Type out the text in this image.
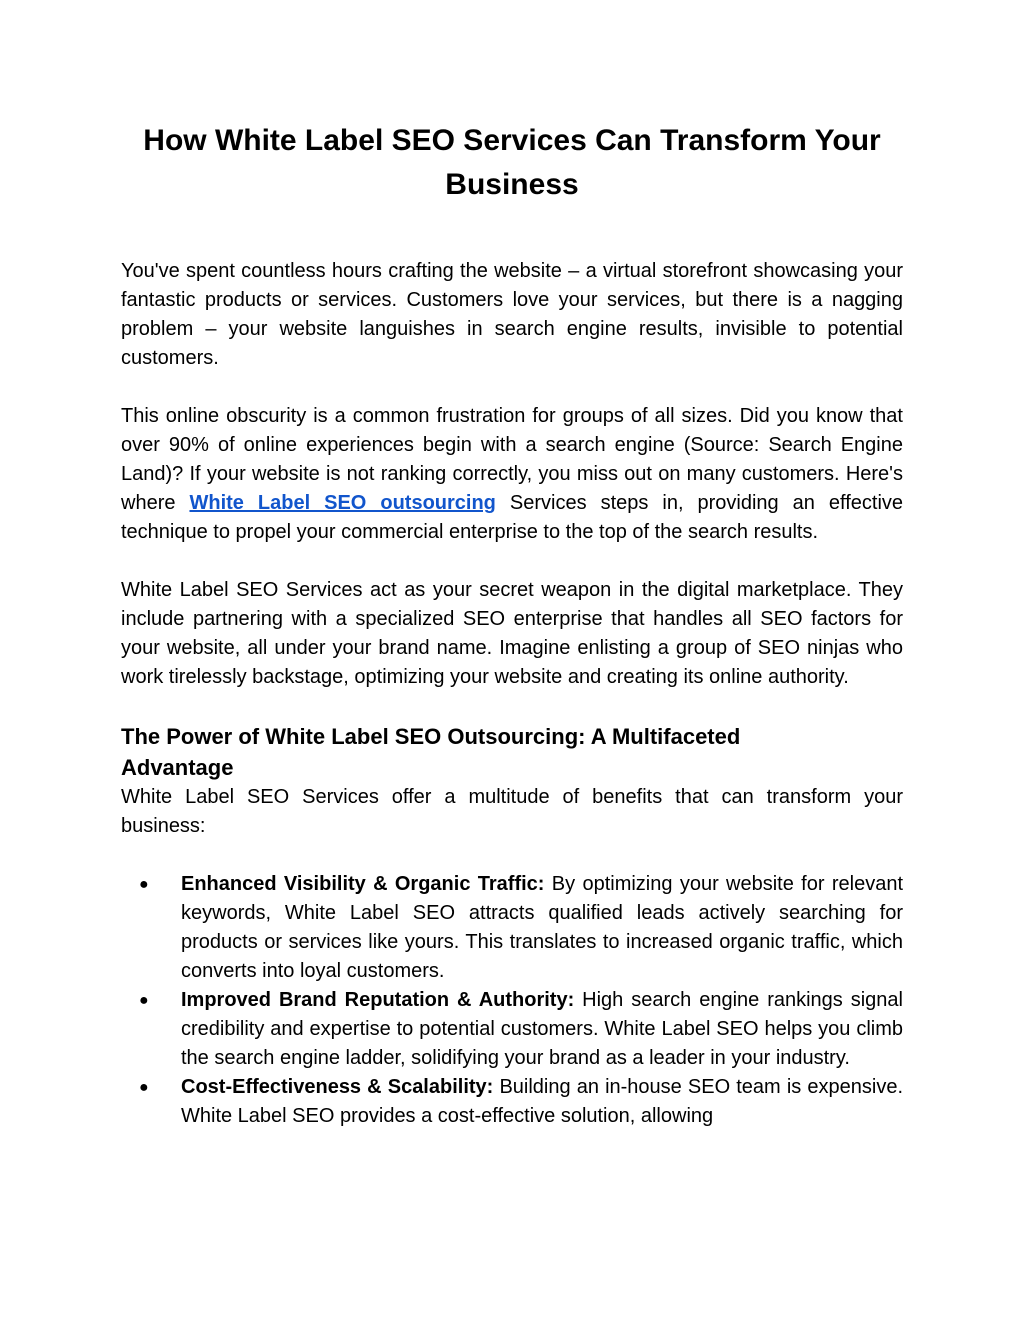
How White Label SEO Services Can Transform Your Business

You've spent countless hours crafting the website – a virtual storefront showcasing your fantastic products or services. Customers love your services, but there is a nagging problem – your website languishes in search engine results, invisible to potential customers.

This online obscurity is a common frustration for groups of all sizes. Did you know that over 90% of online experiences begin with a search engine (Source: Search Engine Land)? If your website is not ranking correctly, you miss out on many customers. Here's where White Label SEO outsourcing Services steps in, providing an effective technique to propel your commercial enterprise to the top of the search results.

White Label SEO Services act as your secret weapon in the digital marketplace. They include partnering with a specialized SEO enterprise that handles all SEO factors for your website, all under your brand name. Imagine enlisting a group of SEO ninjas who work tirelessly backstage, optimizing your website and creating its online authority.

The Power of White Label SEO Outsourcing: A Multifaceted Advantage

White Label SEO Services offer a multitude of benefits that can transform your business:

● Enhanced Visibility & Organic Traffic: By optimizing your website for relevant keywords, White Label SEO attracts qualified leads actively searching for products or services like yours. This translates to increased organic traffic, which converts into loyal customers.
● Improved Brand Reputation & Authority: High search engine rankings signal credibility and expertise to potential customers. White Label SEO helps you climb the search engine ladder, solidifying your brand as a leader in your industry.
● Cost-Effectiveness & Scalability: Building an in-house SEO team is expensive. White Label SEO provides a cost-effective solution, allowing
